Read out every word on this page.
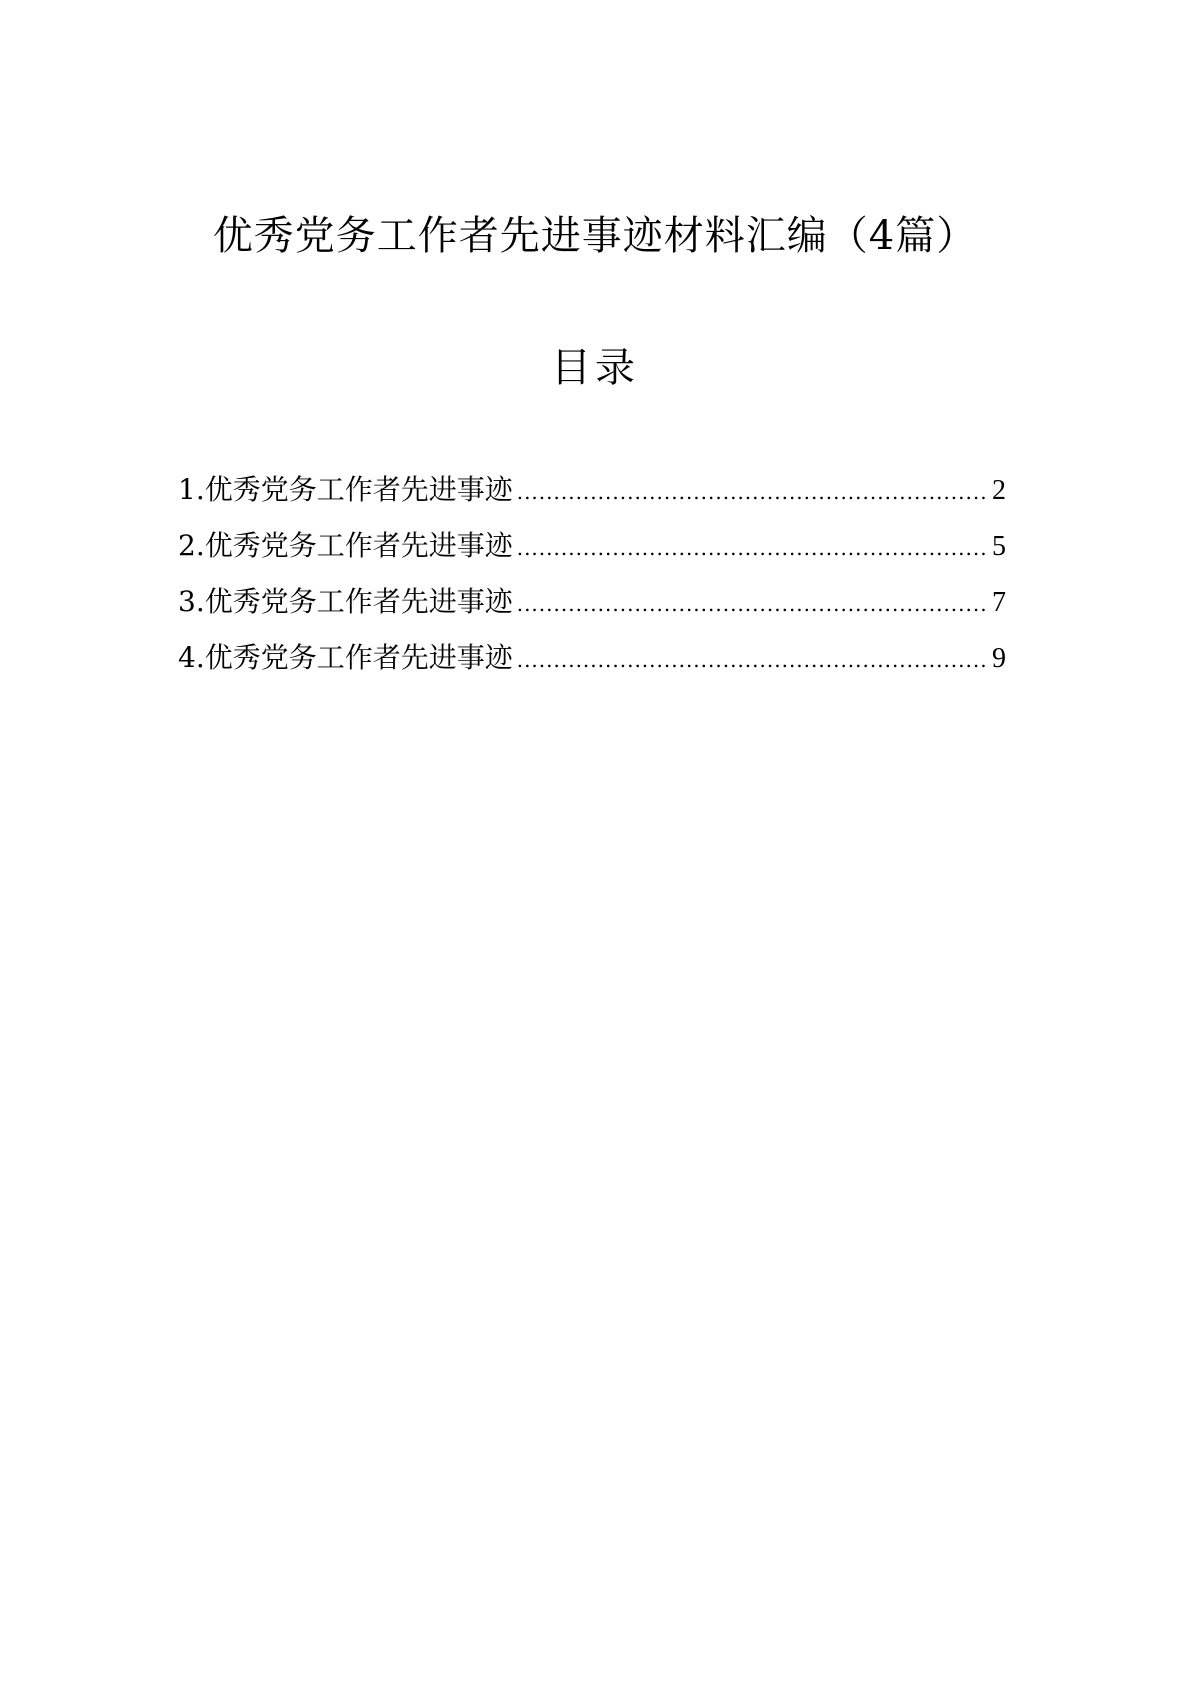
优秀党务工作者先进事迹材料汇编（4篇）
目录
1.优秀党务工作者先进事迹 .....	2
2.优秀党务工作者先进事迹 .....	5
3.优秀党务工作者先进事迹 .....	7
4.优秀党务工作者先进事迹 .....	9
